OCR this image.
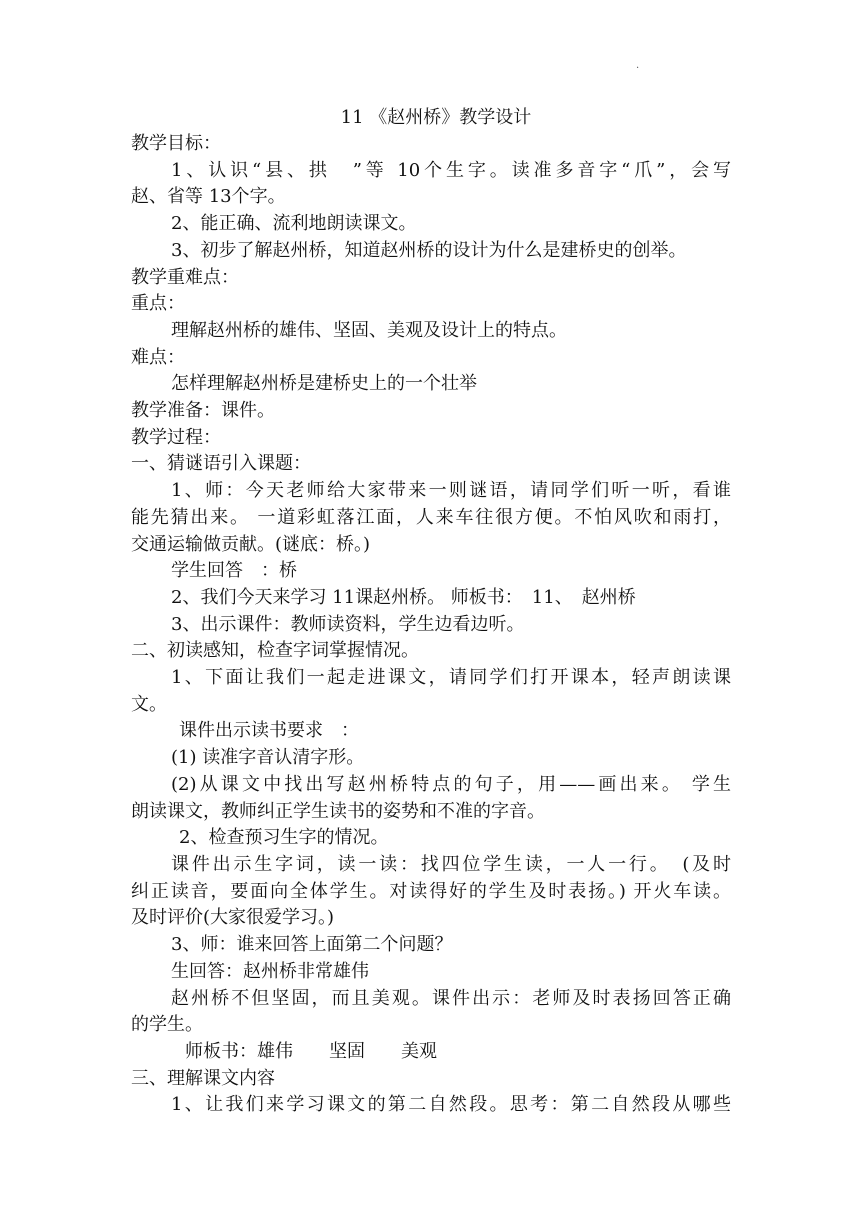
.
11 《赵州桥》教学设计
教学目标：
1、认识“县、拱　”等 10个生字。读准多音字“爪”，会写
赵、省等 13个字。
2、能正确、流利地朗读课文。
3、初步了解赵州桥，知道赵州桥的设计为什么是建桥史的创举。
教学重难点：
重点：
理解赵州桥的雄伟、坚固、美观及设计上的特点。
难点：
怎样理解赵州桥是建桥史上的一个壮举
教学准备：课件。
教学过程：
一、猜谜语引入课题：
1、师：今天老师给大家带来一则谜语，请同学们听一听，看谁
能先猜出来。 一道彩虹落江面，人来车往很方便。不怕风吹和雨打，
交通运输做贡献。(谜底：桥。)
学生回答　：桥
2、我们今天来学习 11课赵州桥。 师板书：　11、　赵州桥
3、出示课件：教师读资料，学生边看边听。
二、初读感知，检查字词掌握情况。
1、下面让我们一起走进课文，请同学们打开课本，轻声朗读课
文。
课件出示读书要求　：
(1) 读准字音认清字形。
(2)从课文中找出写赵州桥特点的句子，用——画出来。 学生
朗读课文，教师纠正学生读书的姿势和不准的字音。
2、检查预习生字的情况。
课件出示生字词，读一读：找四位学生读，一人一行。　(及时
纠正读音，要面向全体学生。对读得好的学生及时表扬。) 开火车读。
及时评价(大家很爱学习。)
3、师：谁来回答上面第二个问题？
生回答：赵州桥非常雄伟
赵州桥不但坚固，而且美观。课件出示：老师及时表扬回答正确
的学生。
师板书：雄伟　　坚固　　美观
三、理解课文内容
1、让我们来学习课文的第二自然段。思考：第二自然段从哪些
